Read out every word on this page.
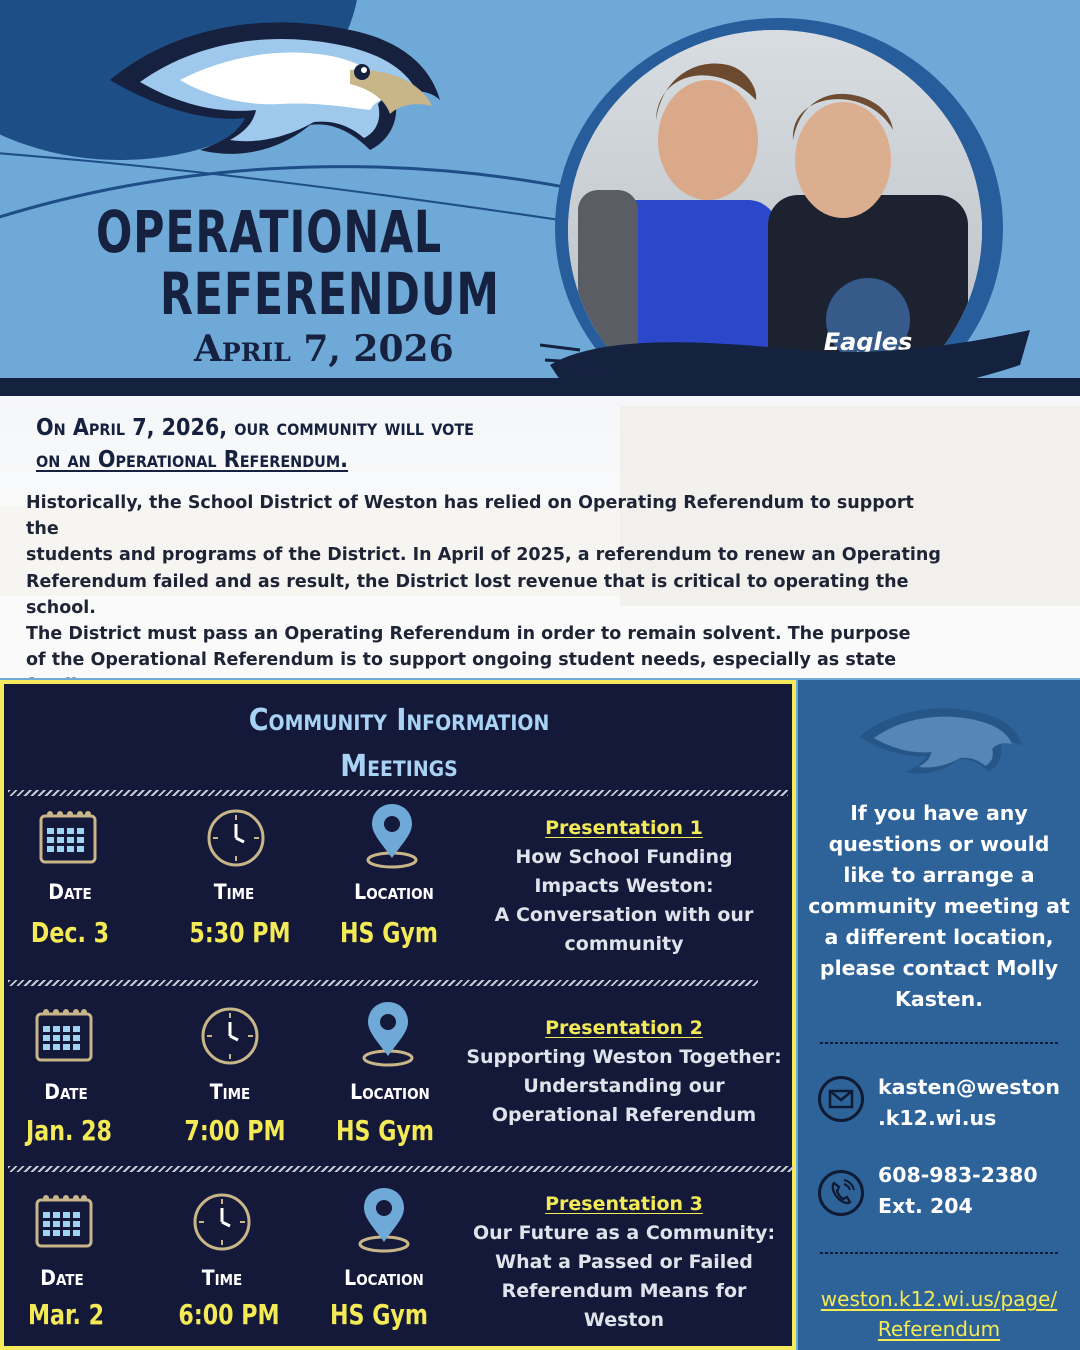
OPERATIONAL
REFERENDUM
April 7, 2026	Eagles
On April 7, 2026, our community will vote
on an Operational Referendum.
Historically, the School District of Weston has relied on Operating Referendum to support the
students and programs of the District. In April of 2025, a referendum to renew an Operating
Referendum failed and as result, the District lost revenue that is critical to operating the school.
The District must pass an Operating Referendum in order to remain solvent. The purpose
of the Operational Referendum is to support ongoing student needs, especially as state
Community Information
Meetings
Date	Time	Location
Dec. 3	5:30 PM	HS Gym
Presentation 1
How School Funding
Impacts Weston:
A Conversation with our
community
Date	Time	Location
Jan. 28	7:00 PM	HS Gym
Presentation 2
Supporting Weston Together:
Understanding our
Operational Referendum
Date	Time	Location
Mar. 2	6:00 PM	HS Gym
Presentation 3
Our Future as a Community:
What a Passed or Failed
Referendum Means for
Weston
If you have any
questions or would
like to arrange a
community meeting at
a different location,
please contact Molly
Kasten.
kasten@weston
.k12.wi.us
608-983-2380
Ext. 204
weston.k12.wi.us/page/
Referendum
